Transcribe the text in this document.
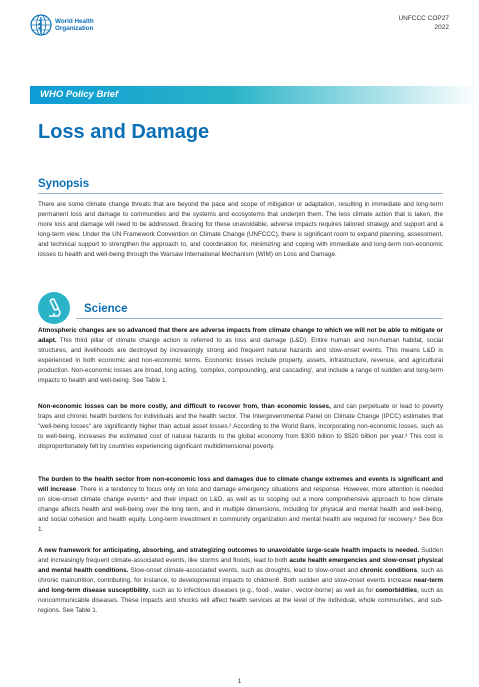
World Health
Organization
UNFCCC COP27
2022
WHO Policy Brief
Loss and Damage
Synopsis
There are some climate change threats that are beyond the pace and scope of mitigation or adaptation, resulting in immediate and long-term permanent loss and damage to communities and the systems and ecosystems that underpin them. The less climate action that is taken, the more loss and damage will need to be addressed. Bracing for these unavoidable, adverse impacts requires tailored strategy and support and a long-term view. Under the UN Framework Convention on Climate Change (UNFCCC), there is significant room to expand planning, assessment, and technical support to strengthen the approach to, and coordination for, minimizing and coping with immediate and long-term non-economic losses to health and well-being through the Warsaw International Mechanism (WIM) on Loss and Damage.
Science
Atmospheric changes are so advanced that there are adverse impacts from climate change to which we will not be able to mitigate or adapt. This third pillar of climate change action is referred to as loss and damage (L&D). Entire human and non-human habitat, social structures, and livelihoods are destroyed by increasingly strong and frequent natural hazards and slow-onset events. This means L&D is experienced in both economic and non-economic terms. Economic losses include property, assets, infrastructure, revenue, and agricultural production. Non-economic losses are broad, long acting, 'complex, compounding, and cascading', and include a range of sudden and long-term impacts to health and well-being. See Table 1.
Non-economic losses can be more costly, and difficult to recover from, than economic losses, and can perpetuate or lead to poverty traps and chronic health burdens for individuals and the health sector. The Intergovernmental Panel on Climate Change (IPCC) estimates that "well-being losses" are significantly higher than actual asset losses.² According to the World Bank, incorporating non-economic losses, such as to well-being, increases the estimated cost of natural hazards to the global economy from $300 billion to $520 billion per year.³ This cost is disproportionately felt by countries experiencing significant multidimensional poverty.
The burden to the health sector from non-economic loss and damages due to climate change extremes and events is significant and will increase. There is a tendency to focus only on loss and damage emergency situations and response. However, more attention is needed on slow-onset climate change events⁴ and their impact on L&D, as well as to scoping out a more comprehensive approach to how climate change affects health and well-being over the long term, and in multiple dimensions, including for physical and mental health and well-being, and social cohesion and health equity. Long-term investment in community organization and mental health are required for recovery.⁵ See Box 1.
A new framework for anticipating, absorbing, and strategizing outcomes to unavoidable large-scale health impacts is needed. Sudden and increasingly frequent climate-associated events, like storms and floods, lead to both acute health emergencies and slow-onset physical and mental health conditions. Slow-onset climate-associated events, such as droughts, lead to slow-onset and chronic conditions, such as chronic malnutrition, contributing, for instance, to developmental impacts to children6. Both sudden and slow-onset events increase near-term and long-term disease susceptibility, such as to infectious diseases (e.g., food-, water-, vector-borne) as well as for comorbidities, such as noncommunicable diseases. These impacts and shocks will affect health services at the level of the individual, whole communities, and sub-regions. See Table 1.
1
